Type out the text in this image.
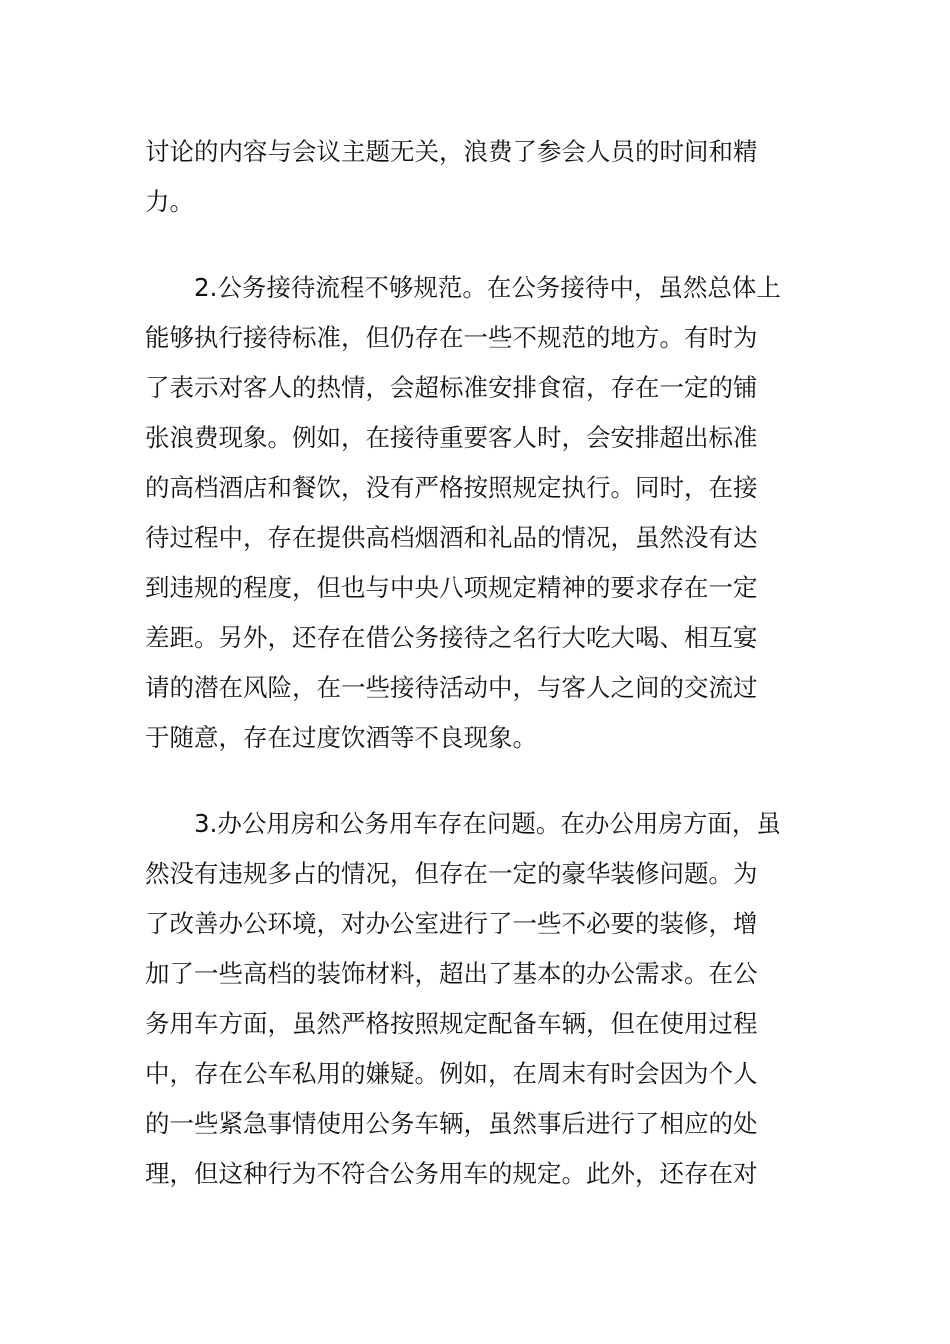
讨论的内容与会议主题无关，浪费了参会人员的时间和精
力。
2.公务接待流程不够规范。在公务接待中，虽然总体上
能够执行接待标准，但仍存在一些不规范的地方。有时为
了表示对客人的热情，会超标准安排食宿，存在一定的铺
张浪费现象。例如，在接待重要客人时，会安排超出标准
的高档酒店和餐饮，没有严格按照规定执行。同时，在接
待过程中，存在提供高档烟酒和礼品的情况，虽然没有达
到违规的程度，但也与中央八项规定精神的要求存在一定
差距。另外，还存在借公务接待之名行大吃大喝、相互宴
请的潜在风险，在一些接待活动中，与客人之间的交流过
于随意，存在过度饮酒等不良现象。
3.办公用房和公务用车存在问题。在办公用房方面，虽
然没有违规多占的情况，但存在一定的豪华装修问题。为
了改善办公环境，对办公室进行了一些不必要的装修，增
加了一些高档的装饰材料，超出了基本的办公需求。在公
务用车方面，虽然严格按照规定配备车辆，但在使用过程
中，存在公车私用的嫌疑。例如，在周末有时会因为个人
的一些紧急事情使用公务车辆，虽然事后进行了相应的处
理，但这种行为不符合公务用车的规定。此外，还存在对
